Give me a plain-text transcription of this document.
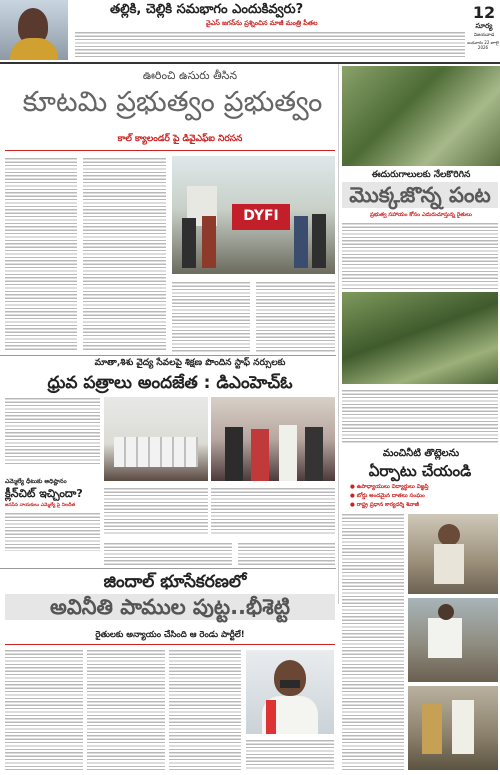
తల్లికి, చెల్లికి సమభాగం ఎందుకివ్వరు?
వైఎస్ జగన్‌ను ప్రశ్నించిన మాజీ మంత్రి పీతల
12
సూర్య
విజయవాడ
బుధవారం 22 జూలై 2026
ఊరించి ఉసురు తీసిన
కూటమి ప్రభుత్వం ప్రభుత్వం
కాల్ క్యాలండర్ పై డివైఎఫ్ఐ నిరసన
DYFI
ఈదురుగాలులకు నేలకొరిగిన
మొక్కజొన్న పంట
ప్రభుత్వ సహాయం కోసం ఎదురుచూస్తున్న రైతులు
మాతా,శిశు వైద్య సేవలపై శిక్షణ పొందిన స్టాఫ్ నర్సులకు
ధ్రువ పత్రాలు అందజేత : డిఎంహెచ్ఓ
ఎమ్మెల్యే ధీటుకు అధిష్టానం
క్లీన్‌చిట్ ఇచ్చిందా?
జనసేన నాయకులు ఎమ్మెల్యే పై నిలదీత
మంచినీటి తొట్లెలను
ఏర్పాటు చేయండి
● ఉపాధ్యాయులు విద్యార్థులు విజ్ఞప్తి
● బోర్డు అందమైన దాతలు సంఘం
● రాష్ట్ర ప్రధాన కార్యదర్శి శివాజీ
జిందాల్ భూసేకరణలో
అవినీతి పాముల పుట్ట..భీశెట్టి
రైతులకు అన్యాయం చేసింది ఆ రెండు పార్టీలే!
